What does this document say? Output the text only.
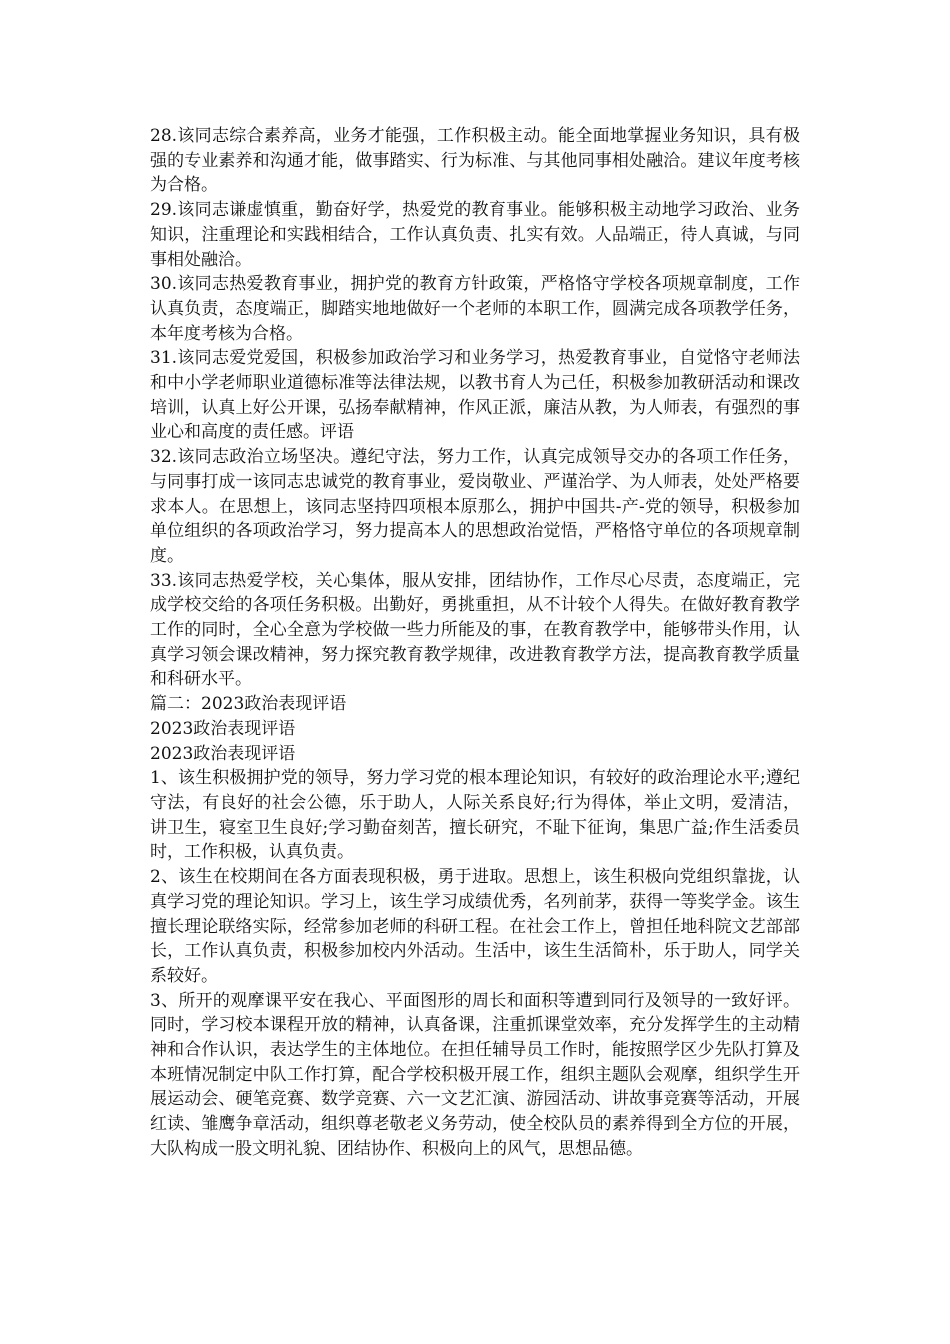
28.该同志综合素养高，业务才能强，工作积极主动。能全面地掌握业务知识，具有极强的专业素养和沟通才能，做事踏实、行为标准、与其他同事相处融洽。建议年度考核为合格。

29.该同志谦虚慎重，勤奋好学，热爱党的教育事业。能够积极主动地学习政治、业务知识，注重理论和实践相结合，工作认真负责、扎实有效。人品端正，待人真诚，与同事相处融洽。

30.该同志热爱教育事业，拥护党的教育方针政策，严格恪守学校各项规章制度，工作认真负责，态度端正，脚踏实地地做好一个老师的本职工作，圆满完成各项教学任务，本年度考核为合格。

31.该同志爱党爱国，积极参加政治学习和业务学习，热爱教育事业，自觉恪守老师法和中小学老师职业道德标准等法律法规，以教书育人为己任，积极参加教研活动和课改培训，认真上好公开课，弘扬奉献精神，作风正派，廉洁从教，为人师表，有强烈的事业心和高度的责任感。评语

32.该同志政治立场坚决。遵纪守法，努力工作，认真完成领导交办的各项工作任务，与同事打成一该同志忠诚党的教育事业，爱岗敬业、严谨治学、为人师表，处处严格要求本人。在思想上，该同志坚持四项根本原那么，拥护中国共-产-党的领导，积极参加单位组织的各项政治学习，努力提高本人的思想政治觉悟，严格恪守单位的各项规章制度。

33.该同志热爱学校，关心集体，服从安排，团结协作，工作尽心尽责，态度端正，完成学校交给的各项任务积极。出勤好，勇挑重担，从不计较个人得失。在做好教育教学工作的同时，全心全意为学校做一些力所能及的事，在教育教学中，能够带头作用，认真学习领会课改精神，努力探究教育教学规律，改进教育教学方法，提高教育教学质量和科研水平。

篇二：2023政治表现评语

2023政治表现评语

2023政治表现评语

1、该生积极拥护党的领导，努力学习党的根本理论知识，有较好的政治理论水平;遵纪守法，有良好的社会公德，乐于助人，人际关系良好;行为得体，举止文明，爱清洁，讲卫生，寝室卫生良好;学习勤奋刻苦，擅长研究，不耻下征询，集思广益;作生活委员时，工作积极，认真负责。

2、该生在校期间在各方面表现积极，勇于进取。思想上，该生积极向党组织靠拢，认真学习党的理论知识。学习上，该生学习成绩优秀，名列前茅，获得一等奖学金。该生擅长理论联络实际，经常参加老师的科研工程。在社会工作上，曾担任地科院文艺部部长，工作认真负责，积极参加校内外活动。生活中，该生生活简朴，乐于助人，同学关系较好。

3、所开的观摩课平安在我心、平面图形的周长和面积等遭到同行及领导的一致好评。同时，学习校本课程开放的精神，认真备课，注重抓课堂效率，充分发挥学生的主动精神和合作认识，表达学生的主体地位。在担任辅导员工作时，能按照学区少先队打算及本班情况制定中队工作打算，配合学校积极开展工作，组织主题队会观摩，组织学生开展运动会、硬笔竞赛、数学竞赛、六一文艺汇演、游园活动、讲故事竞赛等活动，开展红读、雏鹰争章活动，组织尊老敬老义务劳动，使全校队员的素养得到全方位的开展，大队构成一股文明礼貌、团结协作、积极向上的风气，思想品德。
